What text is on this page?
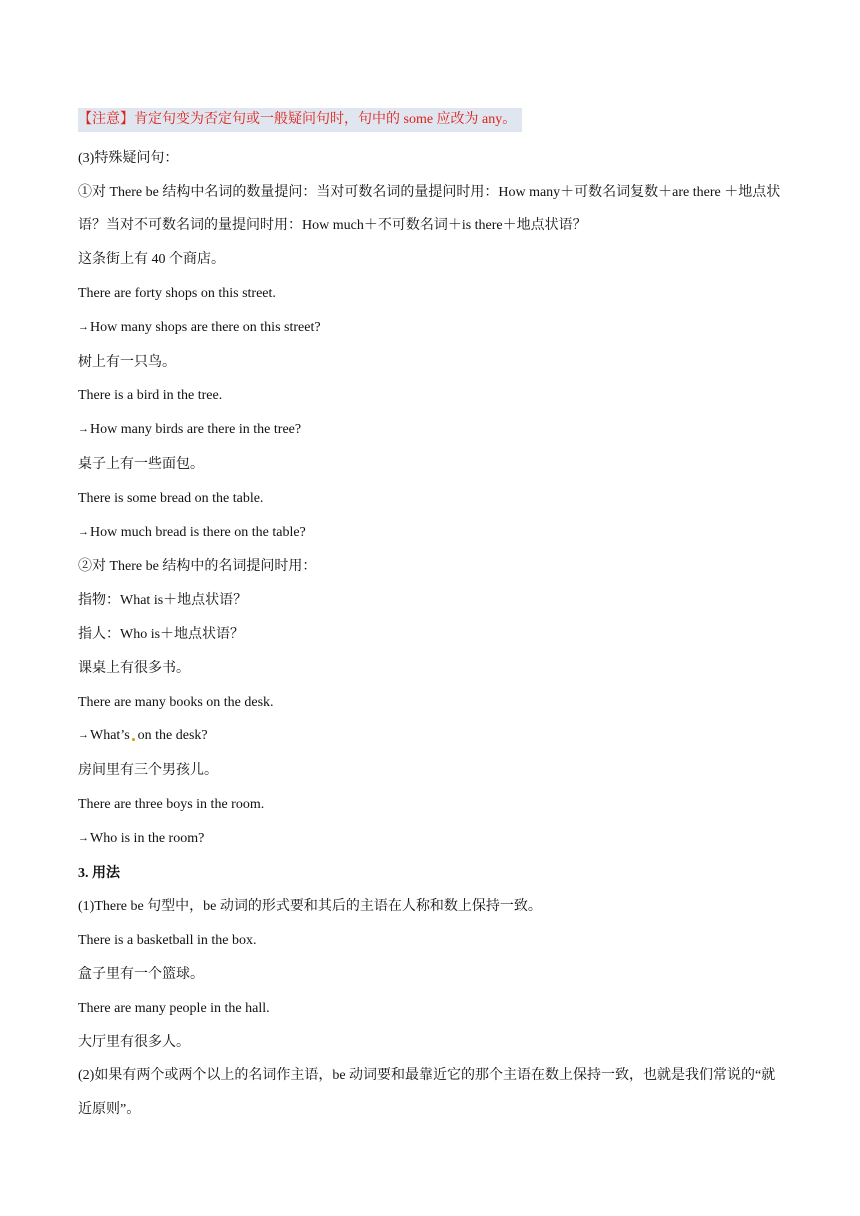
【注意】肯定句变为否定句或一般疑问句时，句中的 some 应改为 any。
(3)特殊疑问句：
①对 There be 结构中名词的数量提问：当对可数名词的量提问时用：How many＋可数名词复数＋are there ＋地点状语？当对不可数名词的量提问时用：How much＋不可数名词＋is there＋地点状语？
这条街上有 40 个商店。
There are forty shops on this street.
→How many shops are there on this street?
树上有一只鸟。
There is a bird in the tree.
→How many birds are there in the tree?
桌子上有一些面包。
There is some bread on the table.
→How much bread is there on the table?
②对 There be 结构中的名词提问时用：
指物：What is＋地点状语？
指人：Who is＋地点状语？
课桌上有很多书。
There are many books on the desk.
→What’s on the desk?
房间里有三个男孩儿。
There are three boys in the room.
→Who is in the room?
3. 用法
(1)There be 句型中，be 动词的形式要和其后的主语在人称和数上保持一致。
There is a basketball in the box.
盒子里有一个篮球。
There are many people in the hall.
大厅里有很多人。
(2)如果有两个或两个以上的名词作主语，be 动词要和最靠近它的那个主语在数上保持一致，也就是我们常说的“就近原则”。
